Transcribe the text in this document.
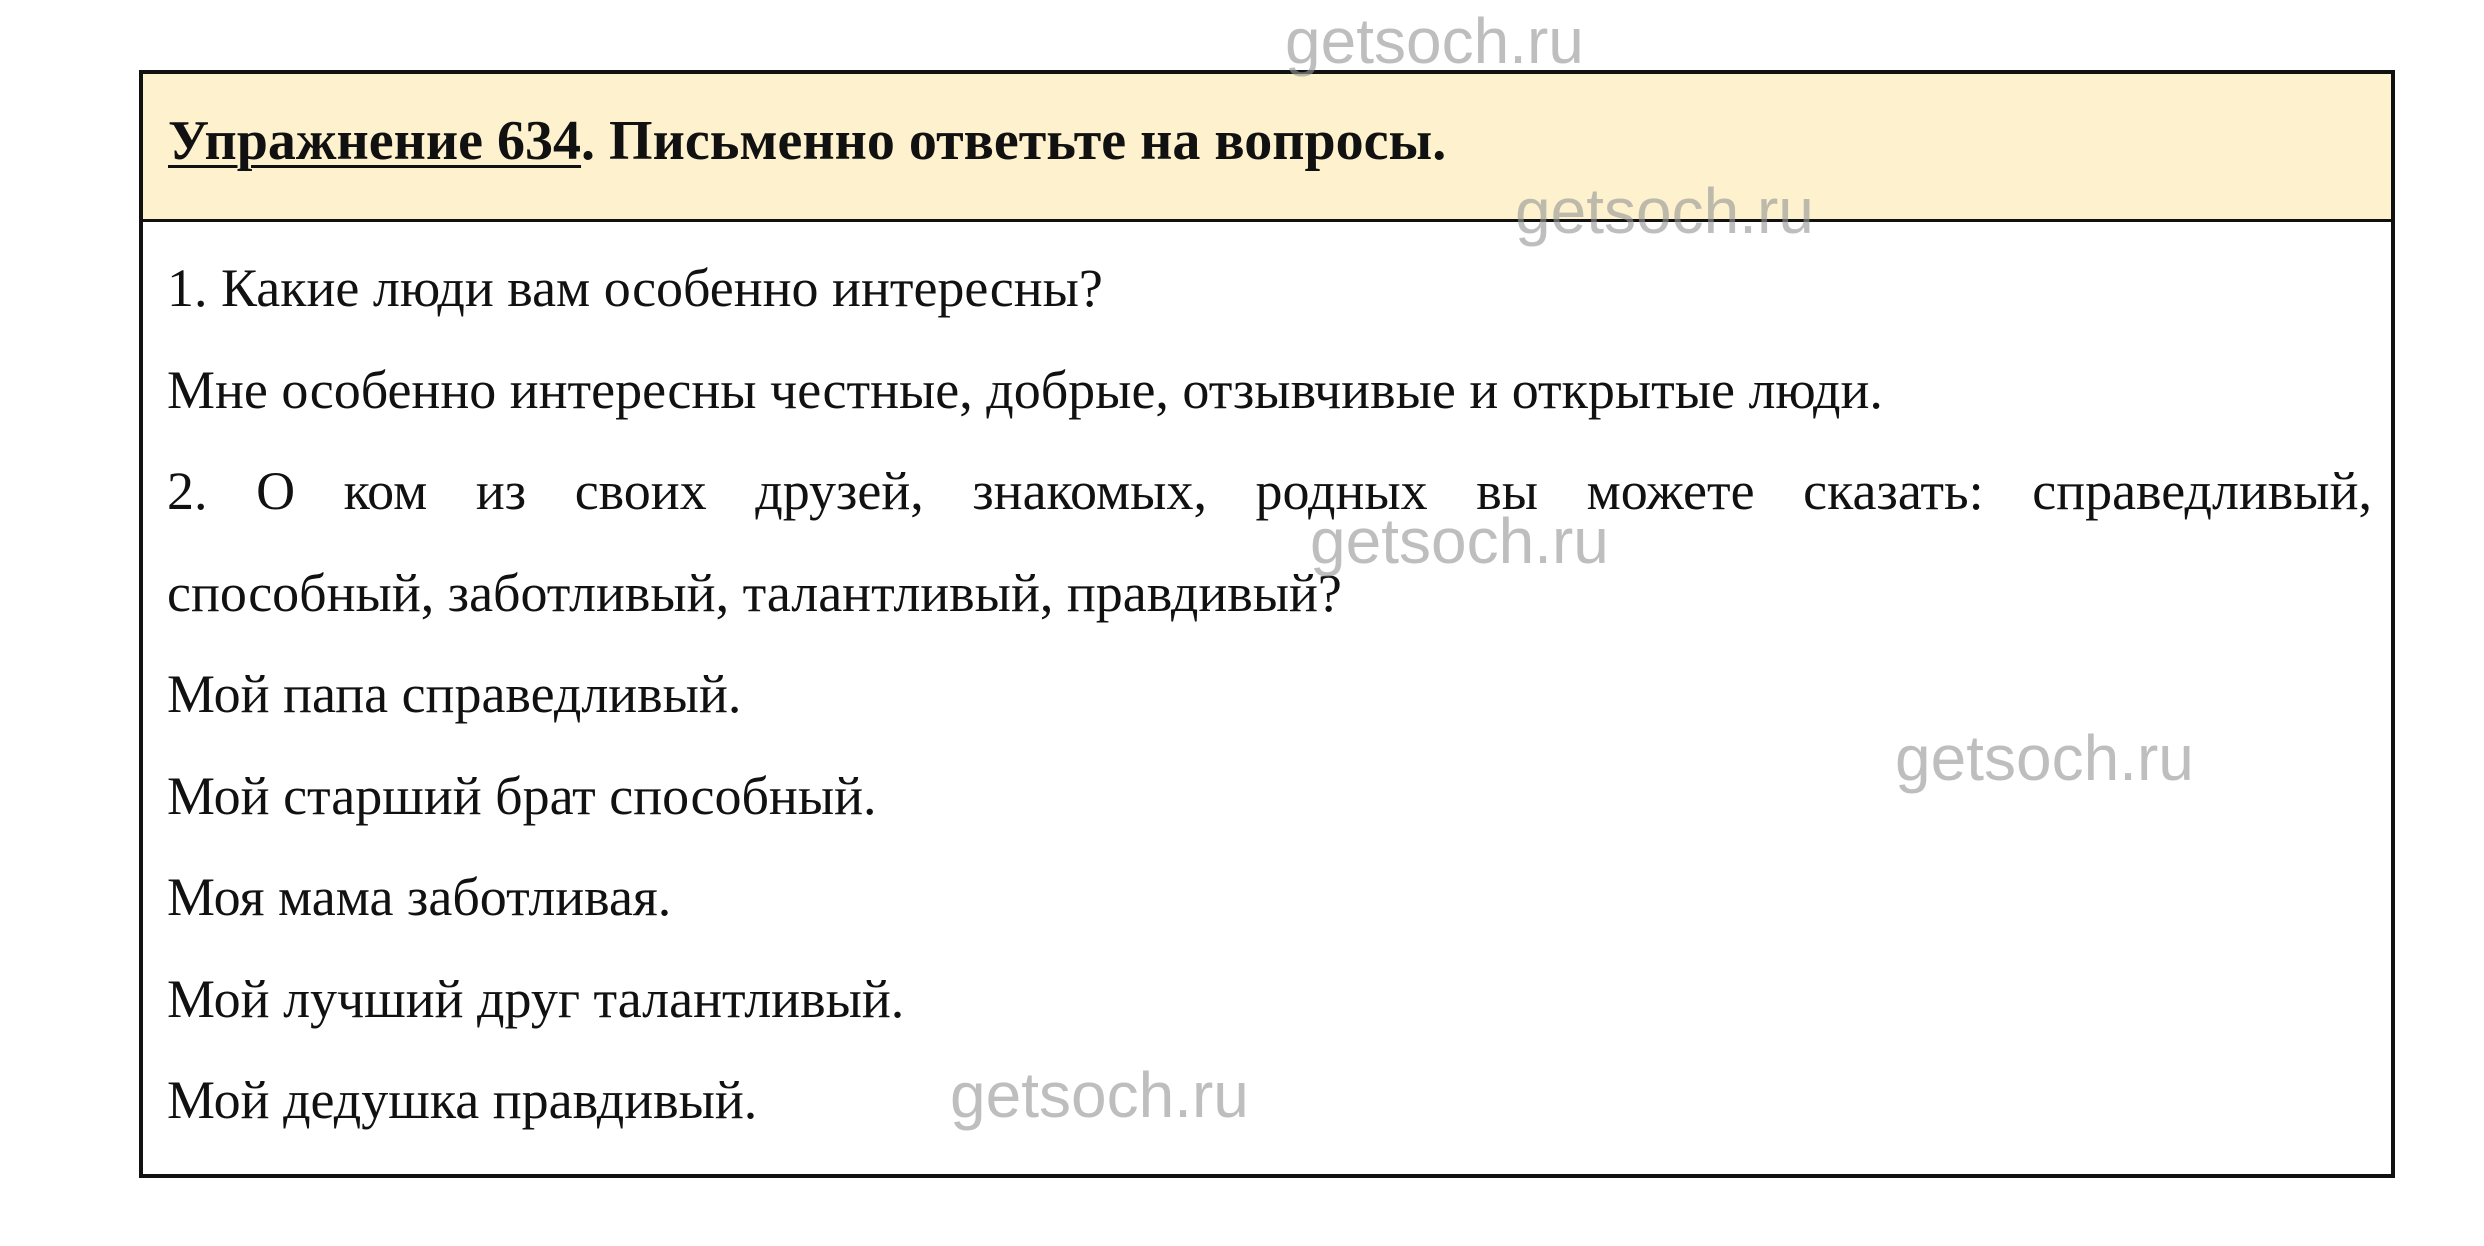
getsoch.ru
Упражнение 634. Письменно ответьте на вопросы.
1. Какие люди вам особенно интересны?
Мне особенно интересны честные, добрые, отзывчивые и открытые люди.
2. О ком из своих друзей, знакомых, родных вы можете сказать: справедливый,
способный, заботливый, талантливый, правдивый?
Мой папа справедливый.
Мой старший брат способный.
Моя мама заботливая.
Мой лучший друг талантливый.
Мой дедушка правдивый.
getsoch.ru
getsoch.ru
getsoch.ru
getsoch.ru
